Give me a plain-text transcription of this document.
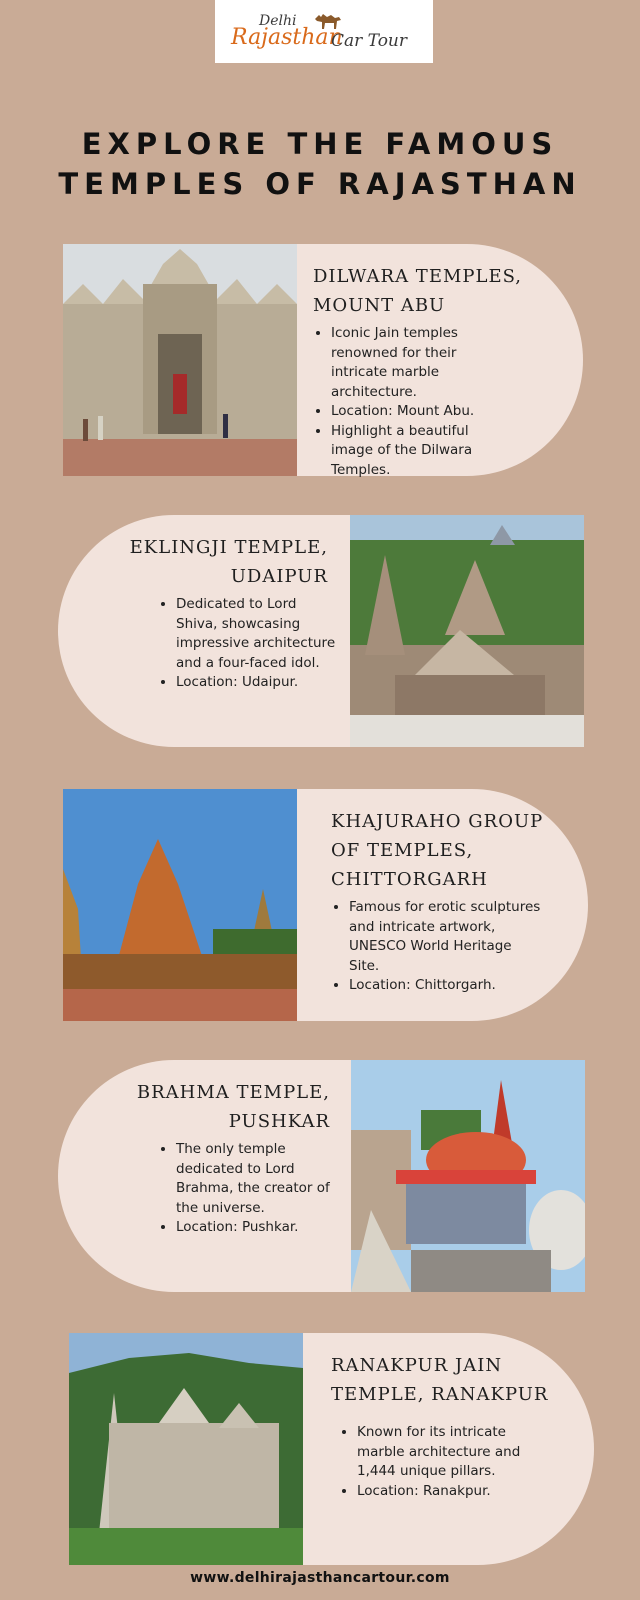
Delhi
Rajasthan
Car Tour
EXPLORE THE FAMOUS
TEMPLES OF RAJASTHAN
DILWARA TEMPLES,
MOUNT ABU
• Iconic Jain temples renowned for their intricate marble architecture.
• Location: Mount Abu.
• Highlight a beautiful image of the Dilwara Temples.
EKLINGJI TEMPLE,
UDAIPUR
• Dedicated to Lord Shiva, showcasing impressive architecture and a four-faced idol.
• Location: Udaipur.
KHAJURAHO GROUP
OF TEMPLES,
CHITTORGARH
• Famous for erotic sculptures and intricate artwork, UNESCO World Heritage Site.
• Location: Chittorgarh.
BRAHMA TEMPLE,
PUSHKAR
• The only temple dedicated to Lord Brahma, the creator of the universe.
• Location: Pushkar.
RANAKPUR JAIN
TEMPLE, RANAKPUR
• Known for its intricate marble architecture and 1,444 unique pillars.
• Location: Ranakpur.
www.delhirajasthancartour.com
